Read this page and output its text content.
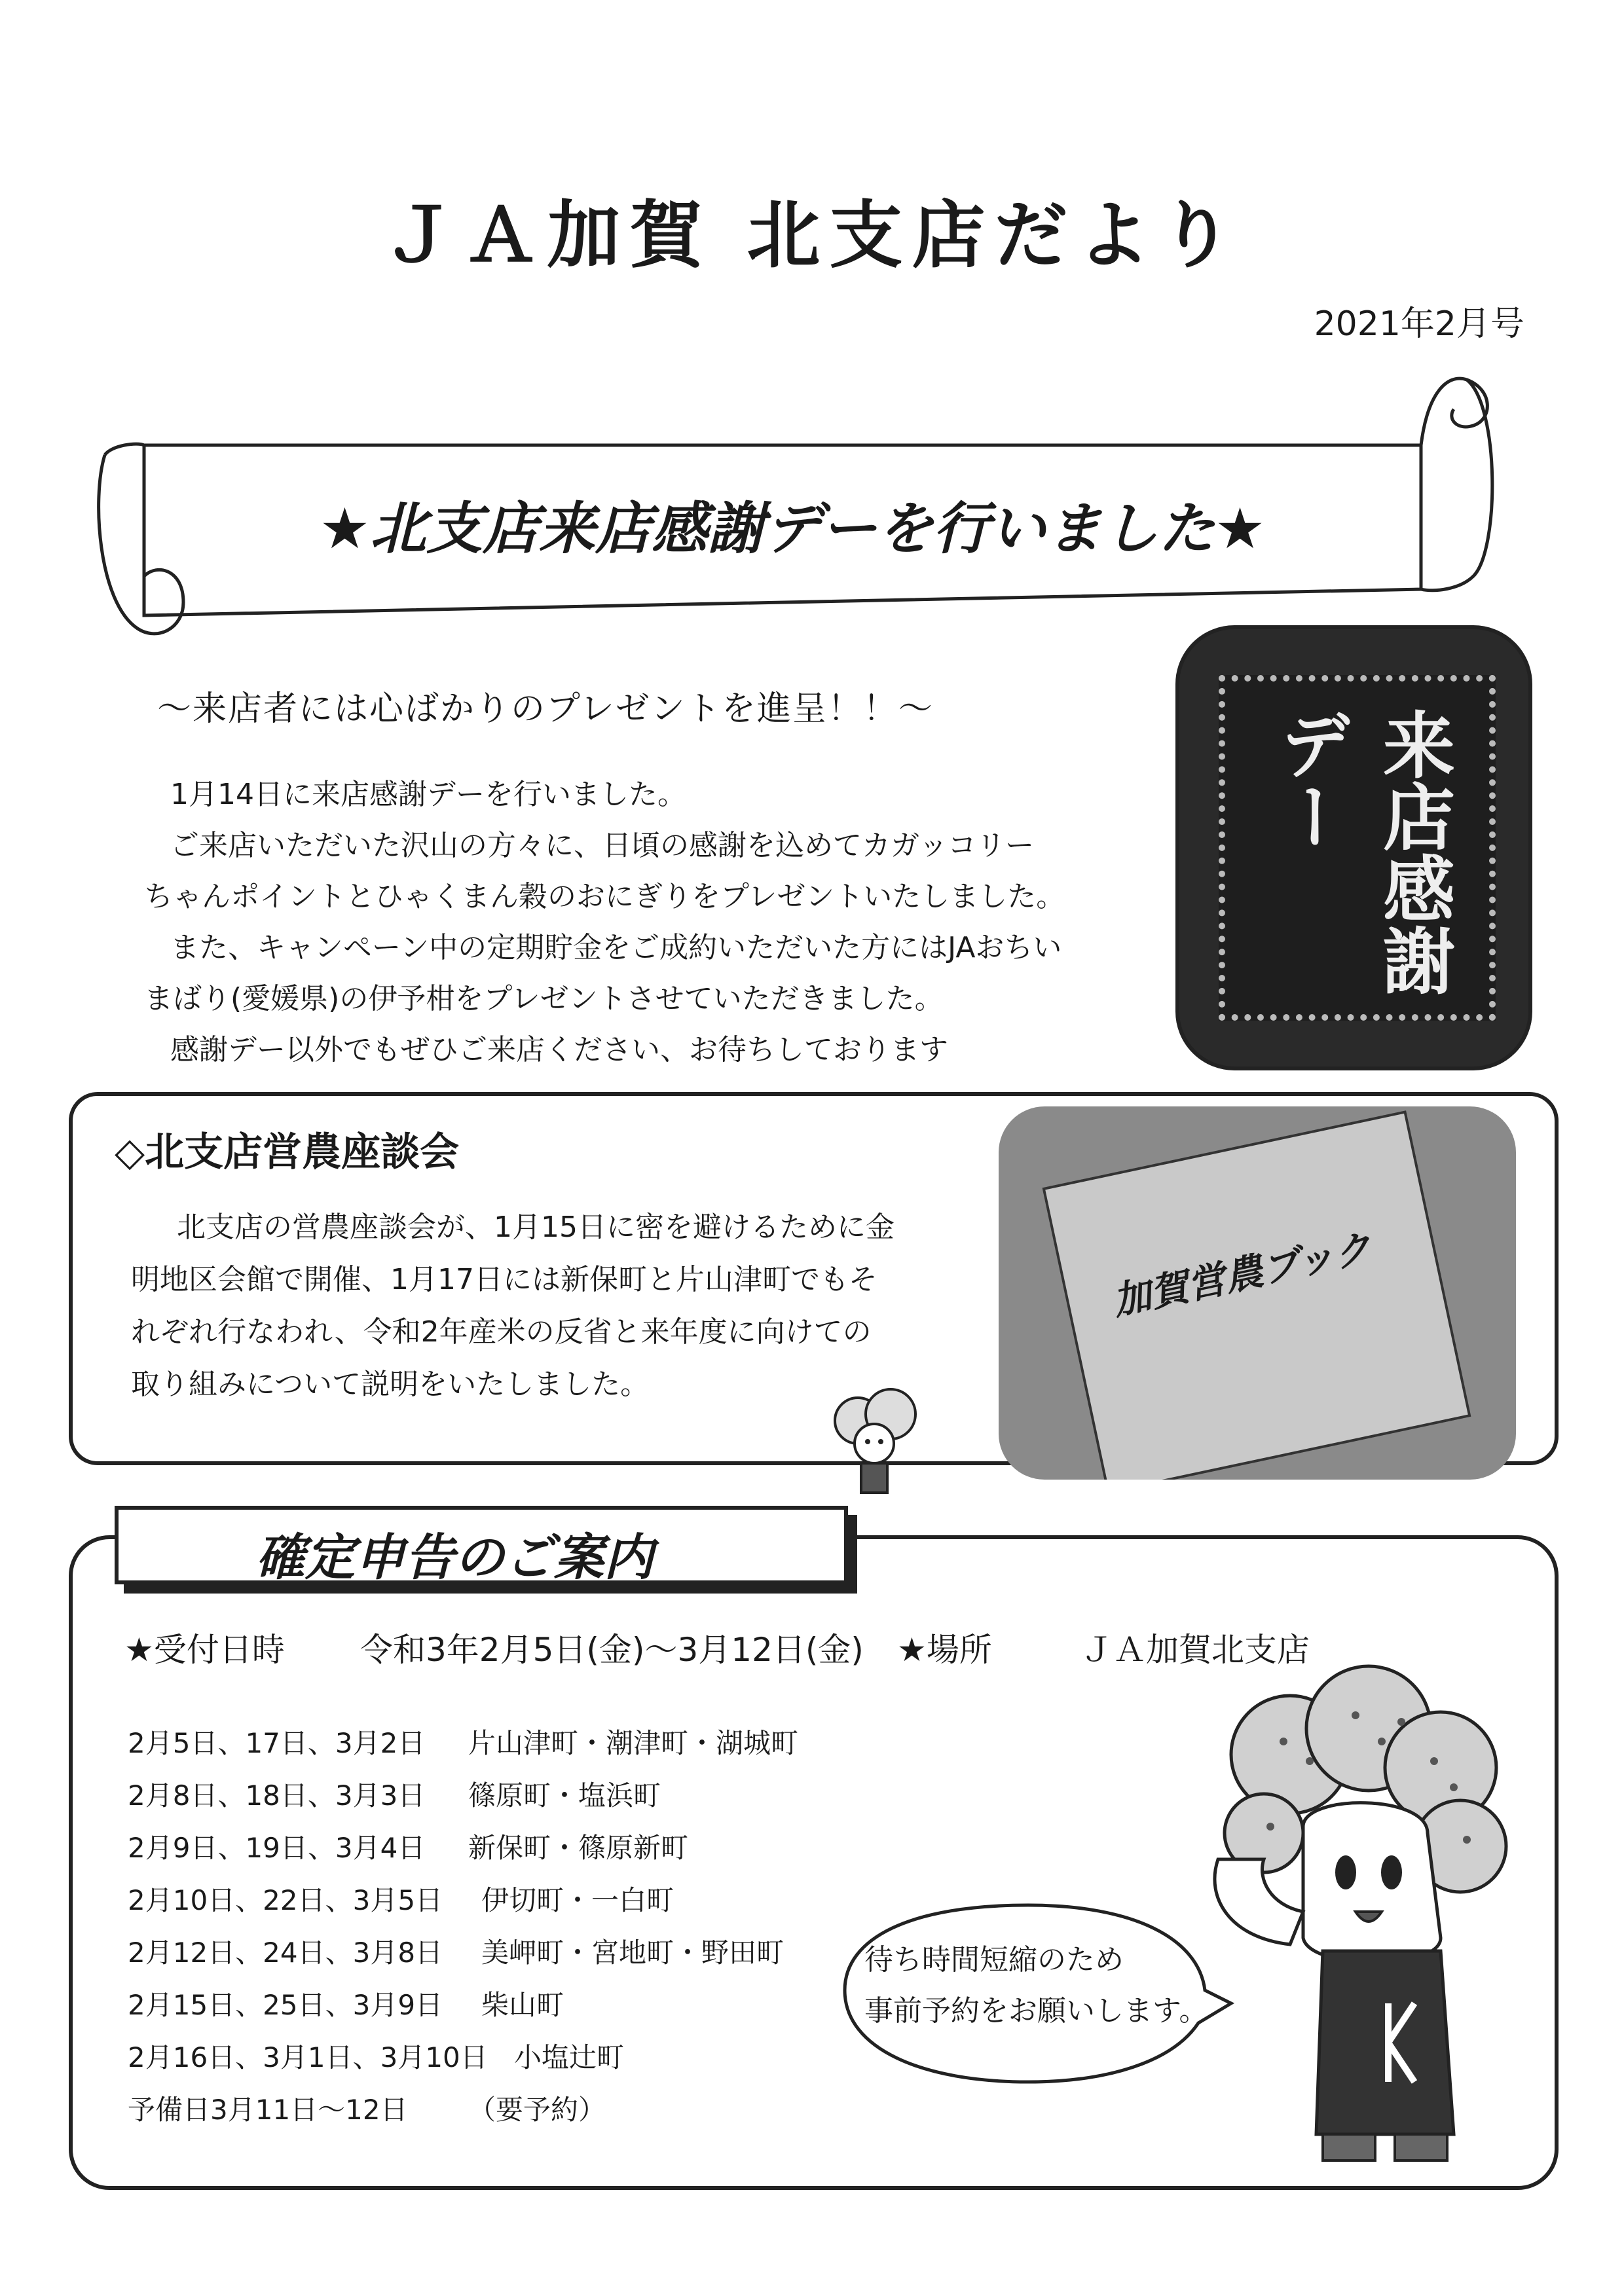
ＪＡ加賀 北支店だより
2021年2月号
★北支店来店感謝デーを行いました★
～来店者には心ばかりのプレゼントを進呈！！～
1月14日に来店感謝デーを行いました。
ご来店いただいた沢山の方々に、日頃の感謝を込めてカガッコリー
ちゃんポイントとひゃくまん穀のおにぎりをプレゼントいたしました。
また、キャンペーン中の定期貯金をご成約いただいた方にはJAおちい
まばり(愛媛県)の伊予柑をプレゼントさせていただきました。
感謝デー以外でもぜひご来店ください、お待ちしております
来店感謝デー
◇北支店営農座談会
北支店の営農座談会が、1月15日に密を避けるために金
明地区会館で開催、1月17日には新保町と片山津町でもそ
れぞれ行なわれ、令和2年産米の反省と来年度に向けての
取り組みについて説明をいたしました。
加賀営農ブック
確定申告のご案内
★受付日時 令和3年2月5日(金)～3月12日(金) ★場所	ＪＡ加賀北支店
2月5日、17日、3月2日 片山津町・潮津町・湖城町
2月8日、18日、3月3日 篠原町・塩浜町
2月9日、19日、3月4日 新保町・篠原新町
2月10日、22日、3月5日 伊切町・一白町
2月12日、24日、3月8日 美岬町・宮地町・野田町
2月15日、25日、3月9日 柴山町
2月16日、3月1日、3月10日 小塩辻町
予備日3月11日～12日 （要予約）
待ち時間短縮のため
事前予約をお願いします。
